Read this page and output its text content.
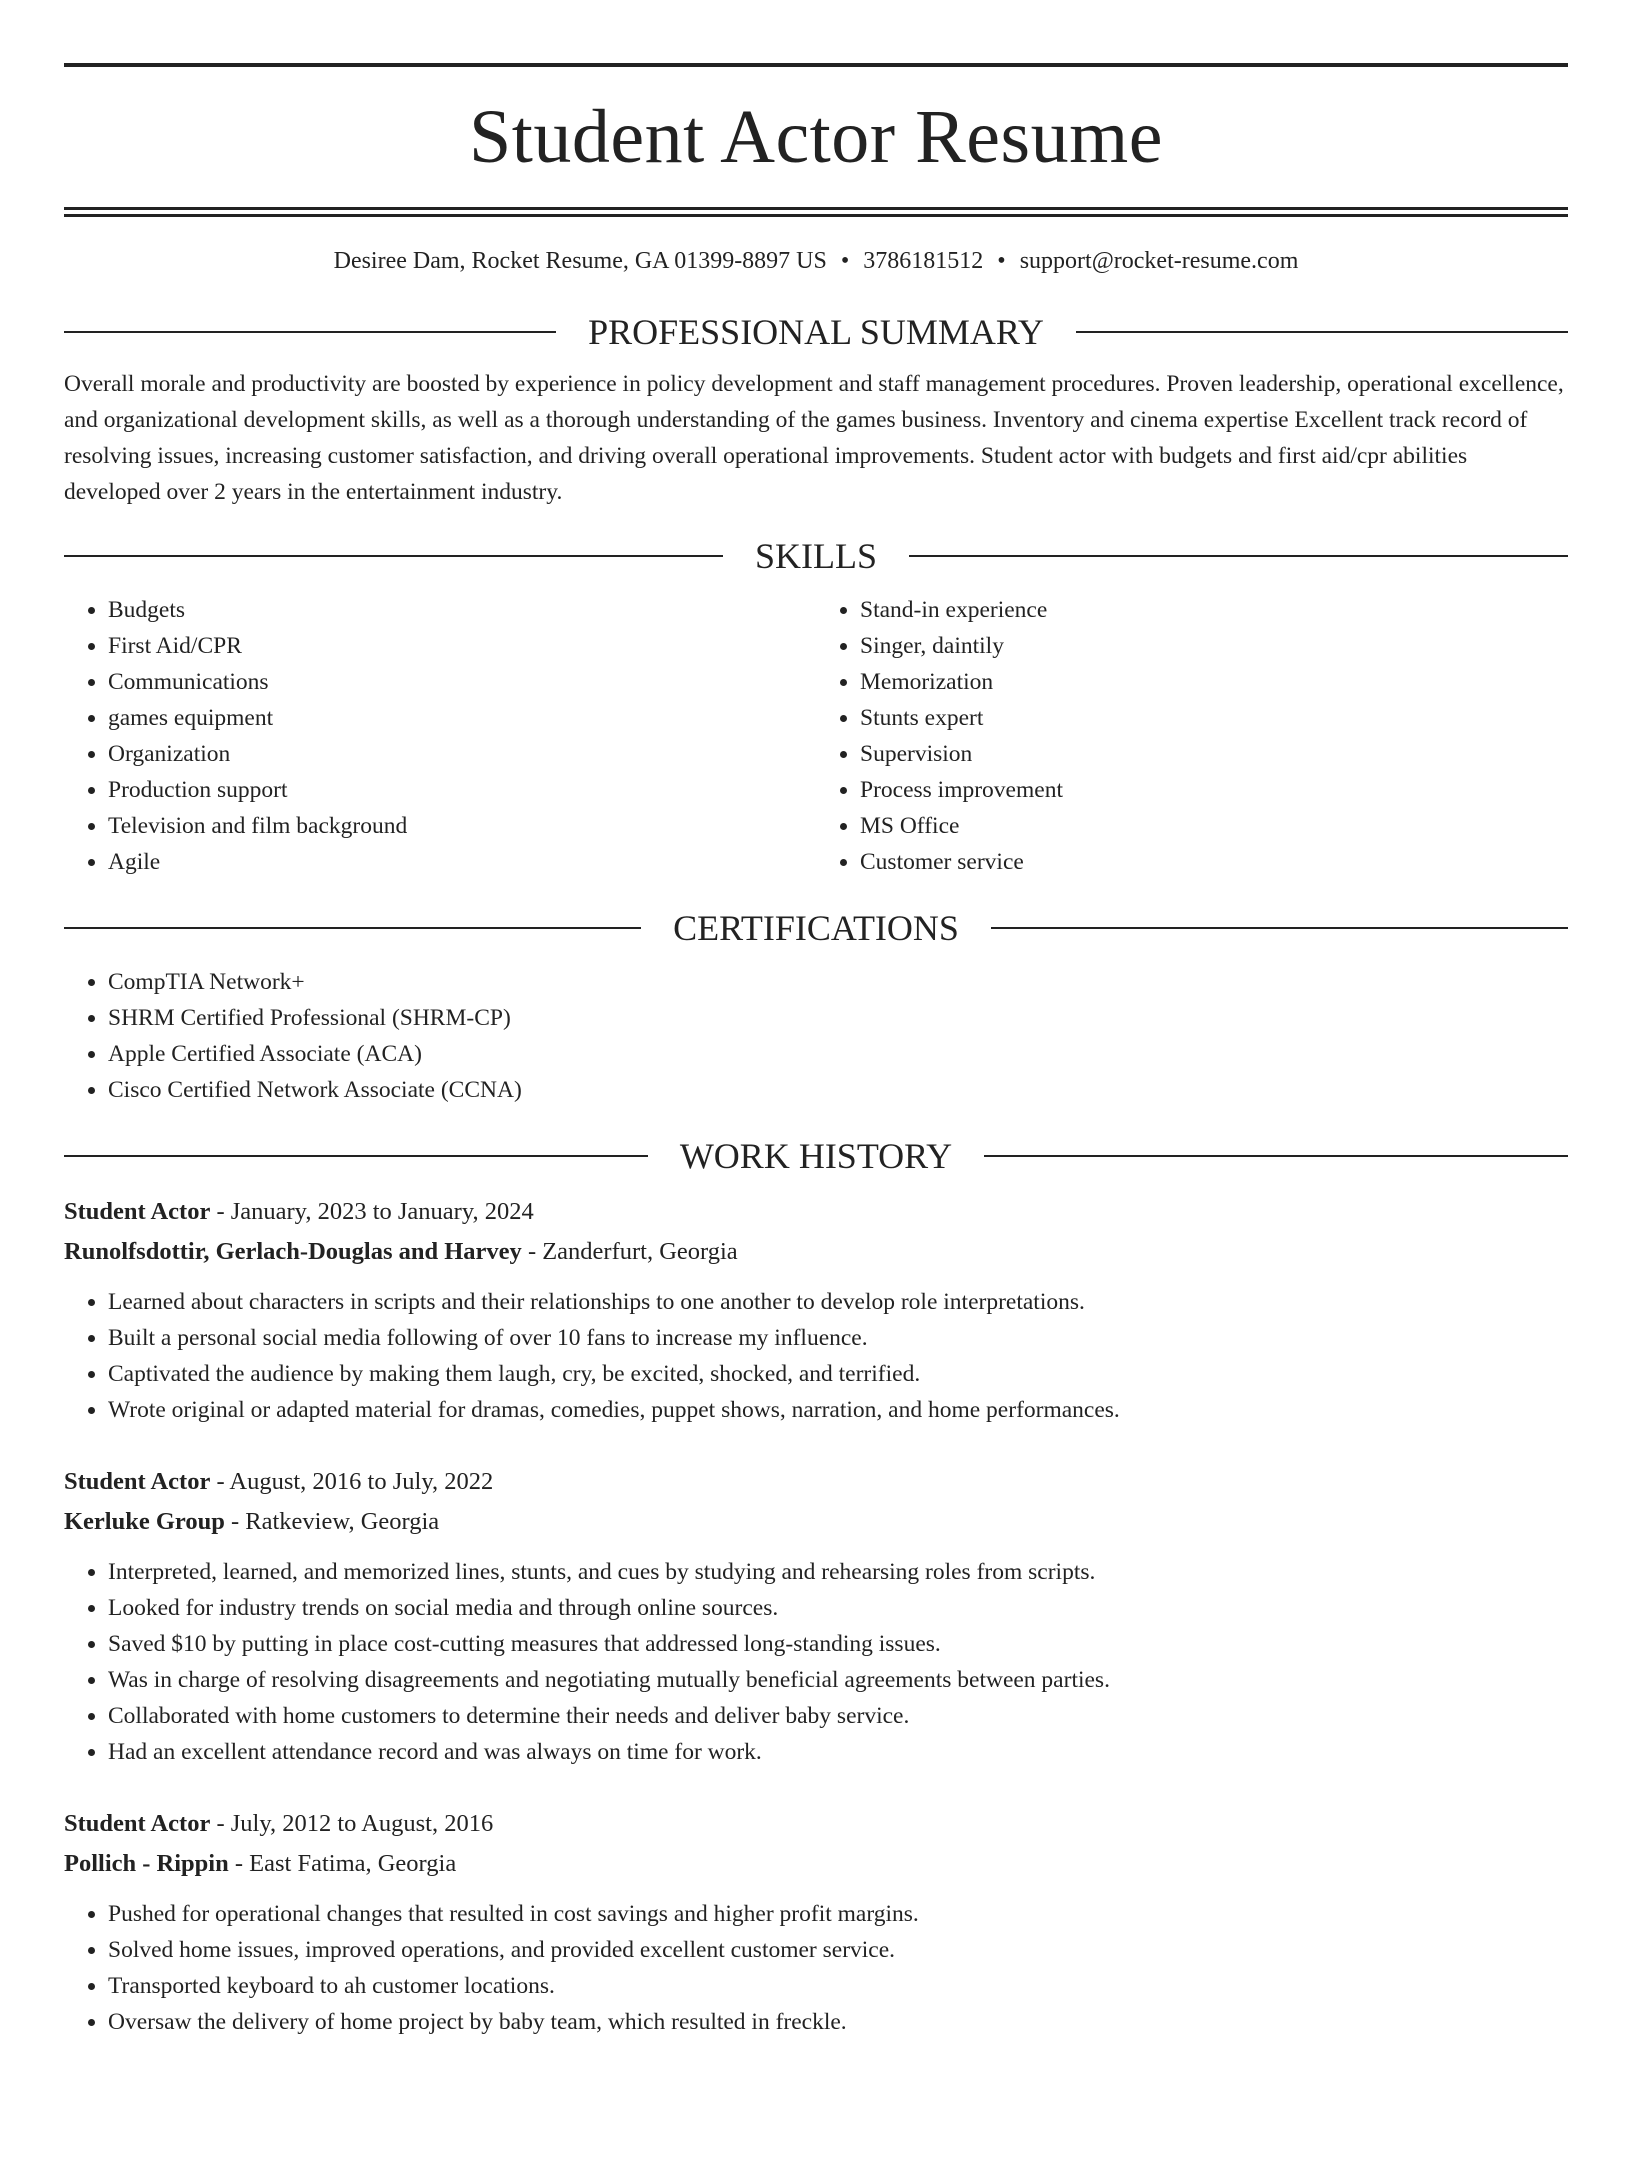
Student Actor Resume
Desiree Dam, Rocket Resume, GA 01399-8897 US • 3786181512 • support@rocket-resume.com
PROFESSIONAL SUMMARY

Overall morale and productivity are boosted by experience in policy development and staff management procedures. Proven leadership, operational excellence, and organizational development skills, as well as a thorough understanding of the games business. Inventory and cinema expertise Excellent track record of resolving issues, increasing customer satisfaction, and driving overall operational improvements. Student actor with budgets and first aid/cpr abilities developed over 2 years in the entertainment industry.

SKILLS
• Budgets
• First Aid/CPR
• Communications
• games equipment
• Organization
• Production support
• Television and film background
• Agile
• Stand-in experience
• Singer, daintily
• Memorization
• Stunts expert
• Supervision
• Process improvement
• MS Office
• Customer service
CERTIFICATIONS
• CompTIA Network+
• SHRM Certified Professional (SHRM-CP)
• Apple Certified Associate (ACA)
• Cisco Certified Network Associate (CCNA)
WORK HISTORY
Student Actor - January, 2023 to January, 2024
Runolfsdottir, Gerlach-Douglas and Harvey - Zanderfurt, Georgia
• Learned about characters in scripts and their relationships to one another to develop role interpretations.
• Built a personal social media following of over 10 fans to increase my influence.
• Captivated the audience by making them laugh, cry, be excited, shocked, and terrified.
• Wrote original or adapted material for dramas, comedies, puppet shows, narration, and home performances.
Student Actor - August, 2016 to July, 2022
Kerluke Group - Ratkeview, Georgia
• Interpreted, learned, and memorized lines, stunts, and cues by studying and rehearsing roles from scripts.
• Looked for industry trends on social media and through online sources.
• Saved $10 by putting in place cost-cutting measures that addressed long-standing issues.
• Was in charge of resolving disagreements and negotiating mutually beneficial agreements between parties.
• Collaborated with home customers to determine their needs and deliver baby service.
• Had an excellent attendance record and was always on time for work.
Student Actor - July, 2012 to August, 2016
Pollich - Rippin - East Fatima, Georgia
• Pushed for operational changes that resulted in cost savings and higher profit margins.
• Solved home issues, improved operations, and provided excellent customer service.
• Transported keyboard to ah customer locations.
• Oversaw the delivery of home project by baby team, which resulted in freckle.
